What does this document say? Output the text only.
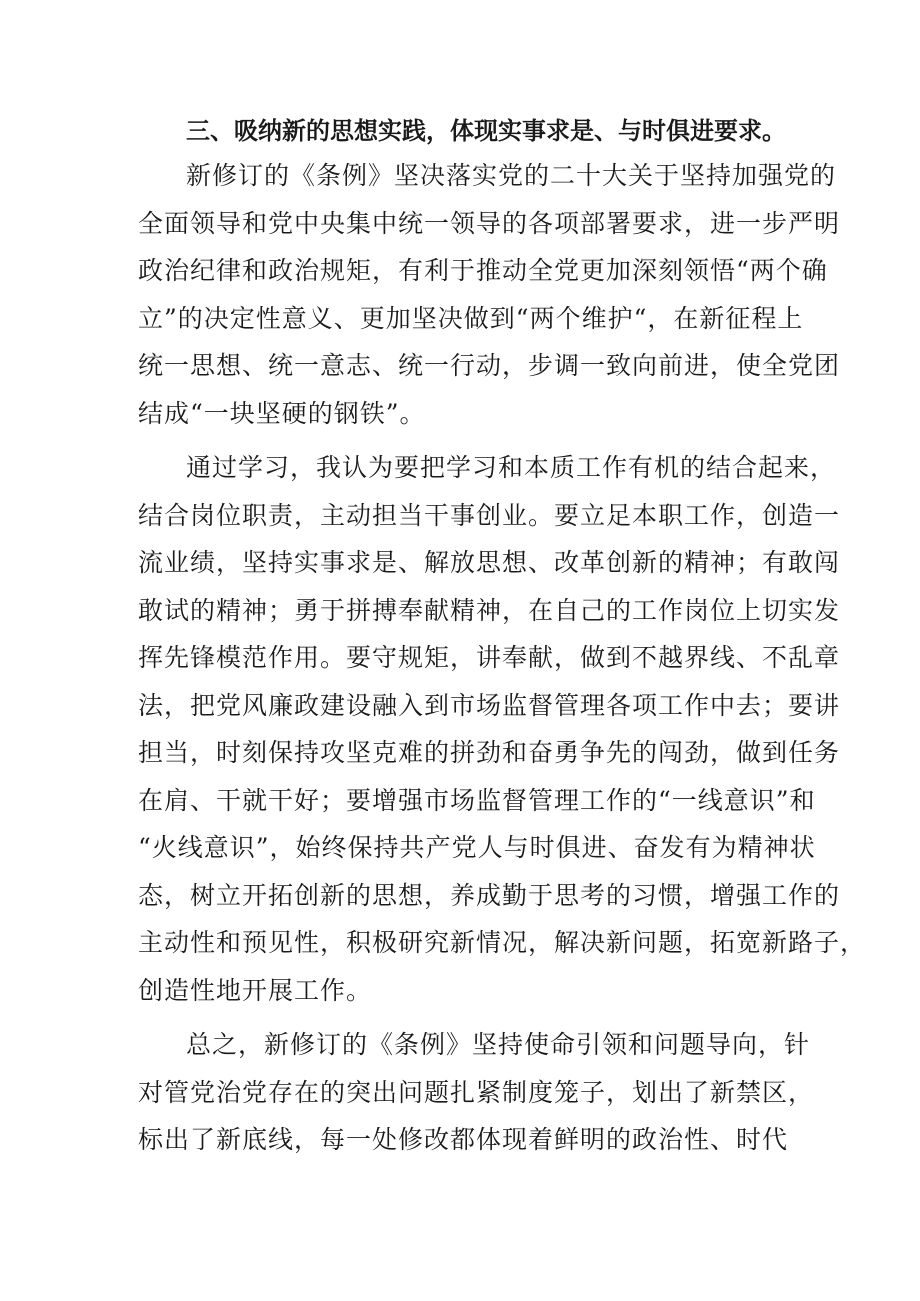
三、吸纳新的思想实践，体现实事求是、与时俱进要求。
新修订的《条例》坚决落实党的二十大关于坚持加强党的
全面领导和党中央集中统一领导的各项部署要求，进一步严明
政治纪律和政治规矩，有利于推动全党更加深刻领悟“两个确
立”的决定性意义、更加坚决做到“两个维护“，在新征程上
统一思想、统一意志、统一行动，步调一致向前进，使全党团
结成“一块坚硬的钢铁”。
通过学习，我认为要把学习和本质工作有机的结合起来，
结合岗位职责，主动担当干事创业。要立足本职工作，创造一
流业绩，坚持实事求是、解放思想、改革创新的精神；有敢闯
敢试的精神；勇于拼搏奉献精神，在自己的工作岗位上切实发
挥先锋模范作用。要守规矩，讲奉献，做到不越界线、不乱章
法，把党风廉政建设融入到市场监督管理各项工作中去；要讲
担当，时刻保持攻坚克难的拼劲和奋勇争先的闯劲，做到任务
在肩、干就干好；要增强市场监督管理工作的“一线意识”和
“火线意识”，始终保持共产党人与时俱进、奋发有为精神状
态，树立开拓创新的思想，养成勤于思考的习惯，增强工作的
主动性和预见性，积极研究新情况，解决新问题，拓宽新路子，
创造性地开展工作。
总之，新修订的《条例》坚持使命引领和问题导向，针
对管党治党存在的突出问题扎紧制度笼子，划出了新禁区，
标出了新底线，每一处修改都体现着鲜明的政治性、时代
